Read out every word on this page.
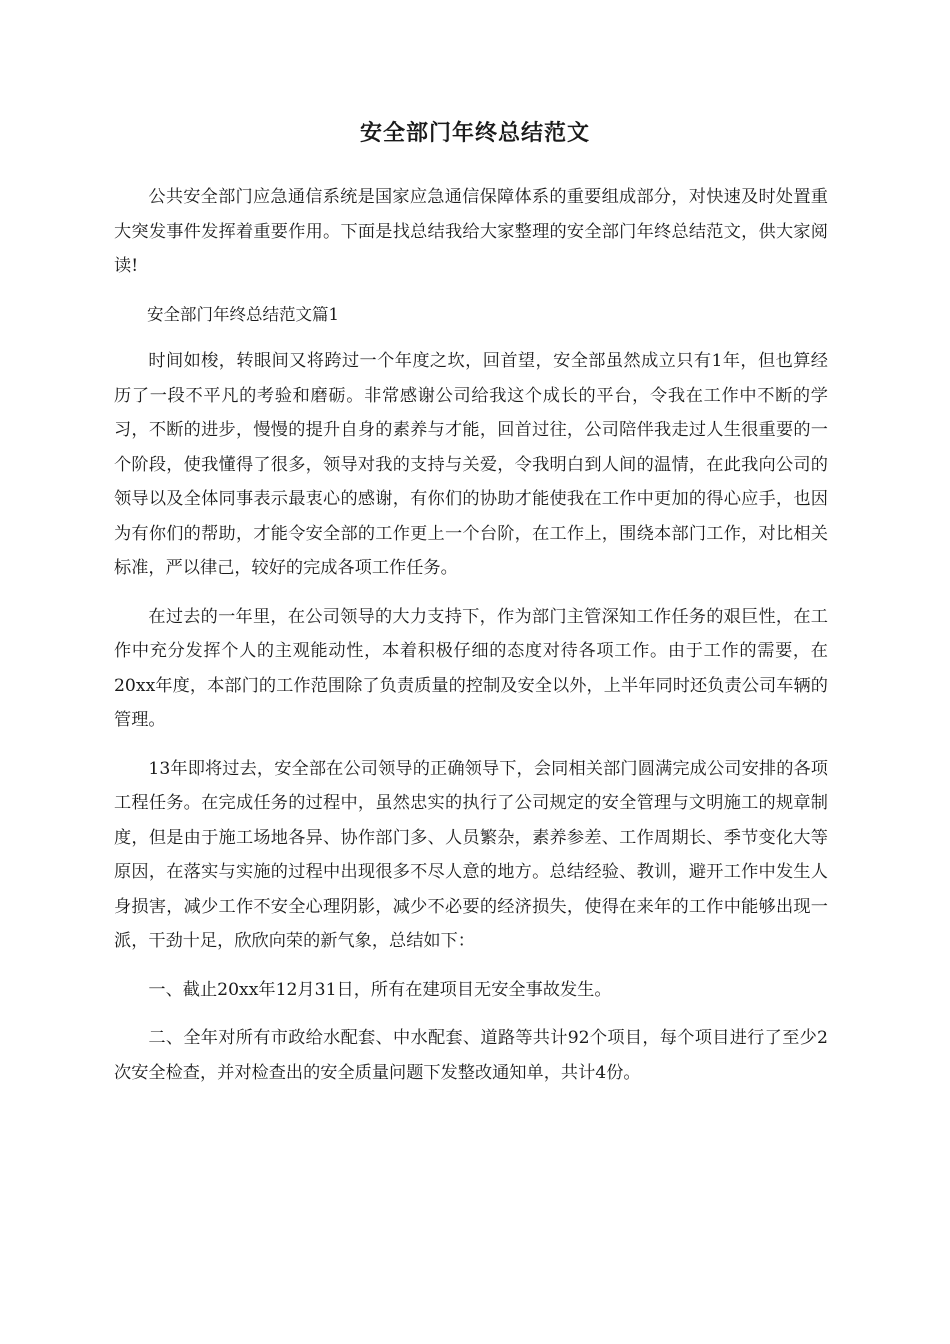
安全部门年终总结范文

公共安全部门应急通信系统是国家应急通信保障体系的重要组成部分，对快速及时处置重大突发事件发挥着重要作用。下面是找总结我给大家整理的安全部门年终总结范文，供大家阅读!

安全部门年终总结范文篇1

时间如梭，转眼间又将跨过一个年度之坎，回首望，安全部虽然成立只有1年，但也算经历了一段不平凡的考验和磨砺。非常感谢公司给我这个成长的平台，令我在工作中不断的学习，不断的进步，慢慢的提升自身的素养与才能，回首过往，公司陪伴我走过人生很重要的一个阶段，使我懂得了很多，领导对我的支持与关爱，令我明白到人间的温情，在此我向公司的领导以及全体同事表示最衷心的感谢，有你们的协助才能使我在工作中更加的得心应手，也因为有你们的帮助，才能令安全部的工作更上一个台阶，在工作上，围绕本部门工作，对比相关标准，严以律己，较好的完成各项工作任务。

在过去的一年里，在公司领导的大力支持下，作为部门主管深知工作任务的艰巨性，在工作中充分发挥个人的主观能动性，本着积极仔细的态度对待各项工作。由于工作的需要，在20xx年度，本部门的工作范围除了负责质量的控制及安全以外，上半年同时还负责公司车辆的管理。

13年即将过去，安全部在公司领导的正确领导下，会同相关部门圆满完成公司安排的各项工程任务。在完成任务的过程中，虽然忠实的执行了公司规定的安全管理与文明施工的规章制度，但是由于施工场地各异、协作部门多、人员繁杂，素养参差、工作周期长、季节变化大等原因，在落实与实施的过程中出现很多不尽人意的地方。总结经验、教训，避开工作中发生人身损害，减少工作不安全心理阴影，减少不必要的经济损失，使得在来年的工作中能够出现一派，干劲十足，欣欣向荣的新气象，总结如下：

一、截止20xx年12月31日，所有在建项目无安全事故发生。

二、全年对所有市政给水配套、中水配套、道路等共计92个项目，每个项目进行了至少2次安全检查，并对检查出的安全质量问题下发整改通知单，共计4份。
